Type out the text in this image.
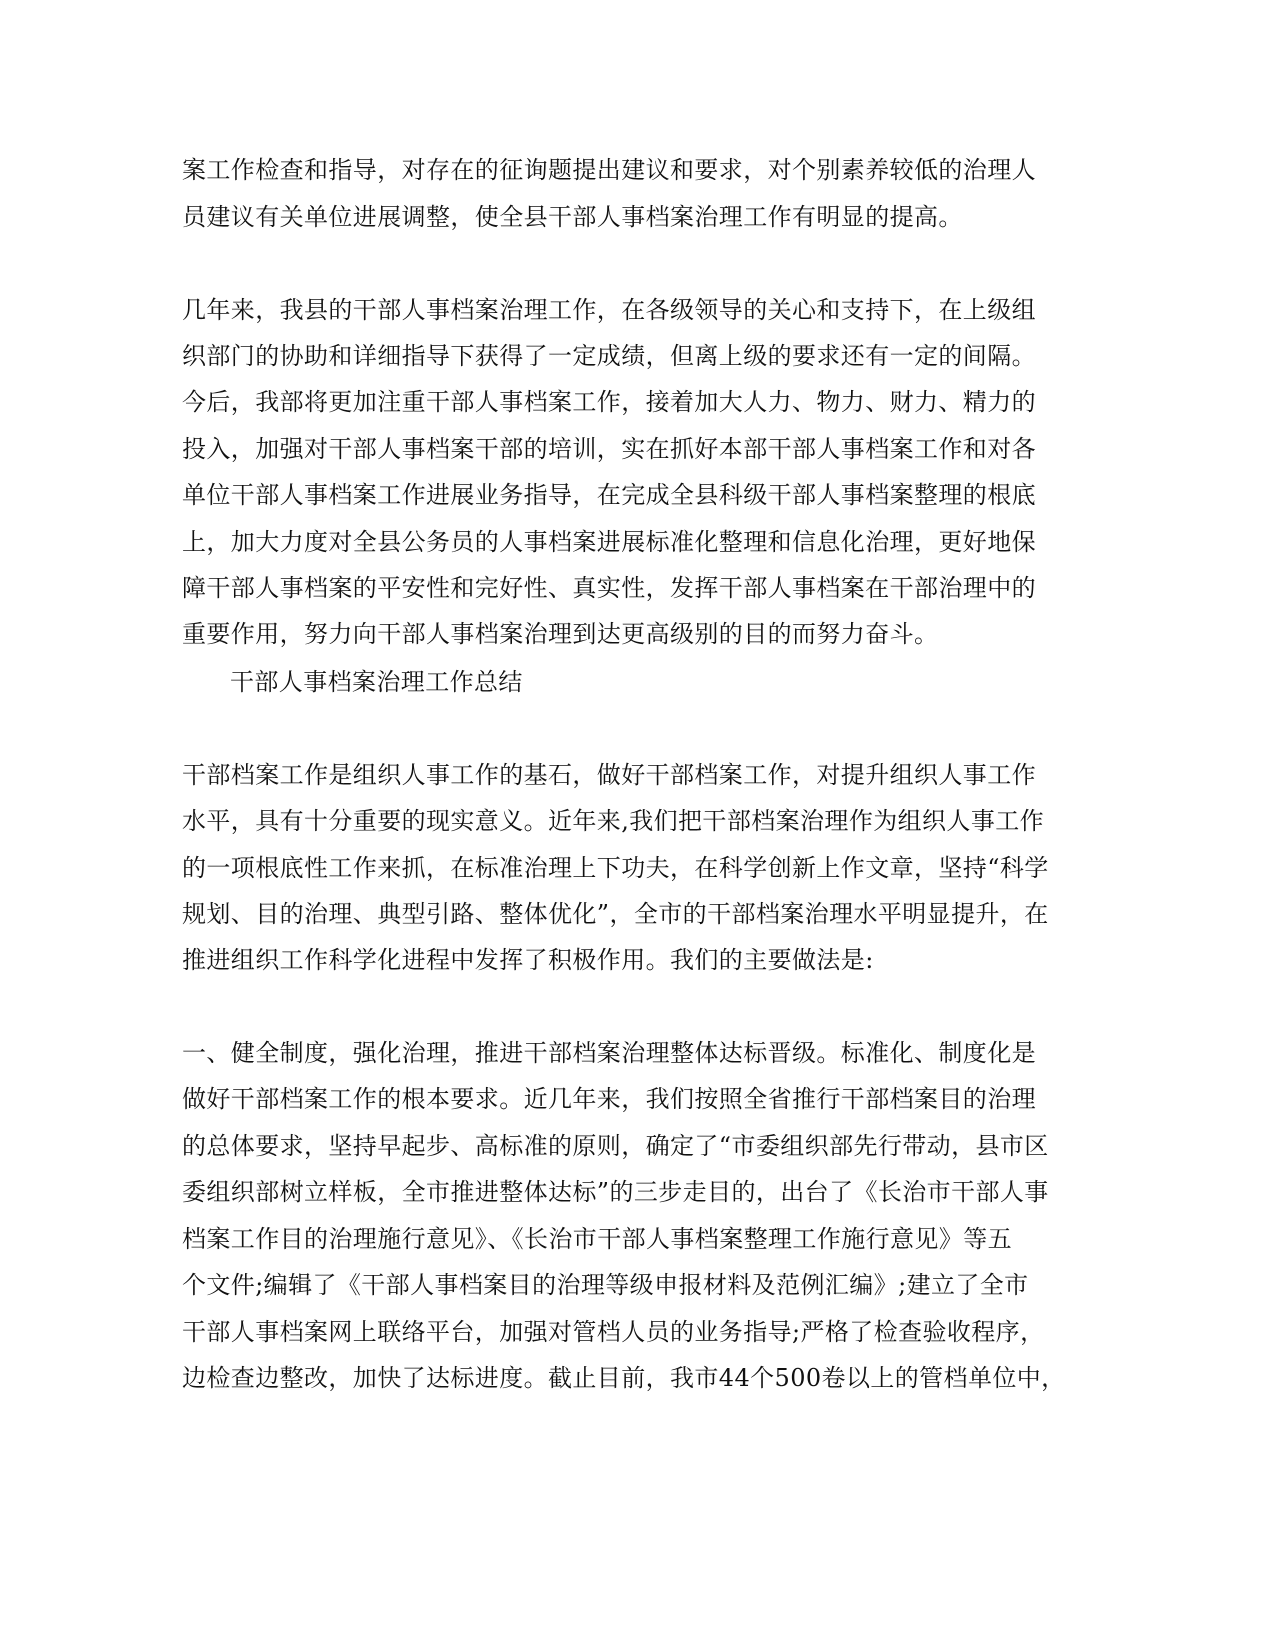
案工作检查和指导，对存在的征询题提出建议和要求，对个别素养较低的治理人
员建议有关单位进展调整，使全县干部人事档案治理工作有明显的提高。
几年来，我县的干部人事档案治理工作，在各级领导的关心和支持下，在上级组
织部门的协助和详细指导下获得了一定成绩，但离上级的要求还有一定的间隔。
今后，我部将更加注重干部人事档案工作，接着加大人力、物力、财力、精力的
投入，加强对干部人事档案干部的培训，实在抓好本部干部人事档案工作和对各
单位干部人事档案工作进展业务指导，在完成全县科级干部人事档案整理的根底
上，加大力度对全县公务员的人事档案进展标准化整理和信息化治理，更好地保
障干部人事档案的平安性和完好性、真实性，发挥干部人事档案在干部治理中的
重要作用，努力向干部人事档案治理到达更高级别的目的而努力奋斗。
干部人事档案治理工作总结
干部档案工作是组织人事工作的基石，做好干部档案工作，对提升组织人事工作
水平，具有十分重要的现实意义。近年来,我们把干部档案治理作为组织人事工作
的一项根底性工作来抓，在标准治理上下功夫，在科学创新上作文章，坚持“科学
规划、目的治理、典型引路、整体优化”，全市的干部档案治理水平明显提升，在
推进组织工作科学化进程中发挥了积极作用。我们的主要做法是:
一、健全制度，强化治理，推进干部档案治理整体达标晋级。标准化、制度化是
做好干部档案工作的根本要求。近几年来，我们按照全省推行干部档案目的治理
的总体要求，坚持早起步、高标准的原则，确定了“市委组织部先行带动，县市区
委组织部树立样板，全市推进整体达标”的三步走目的，出台了《长治市干部人事
档案工作目的治理施行意见》、《长治市干部人事档案整理工作施行意见》等五
个文件;编辑了《干部人事档案目的治理等级申报材料及范例汇编》;建立了全市
干部人事档案网上联络平台，加强对管档人员的业务指导;严格了检查验收程序，
边检查边整改，加快了达标进度。截止目前，我市44个500卷以上的管档单位中，
